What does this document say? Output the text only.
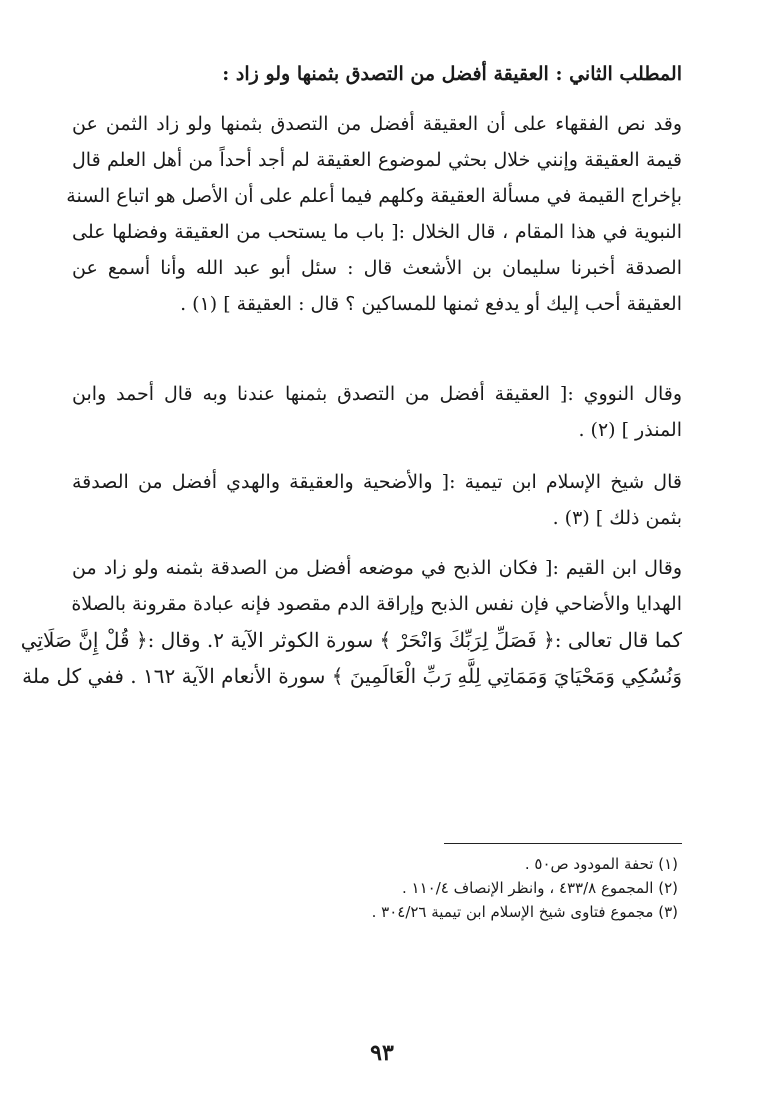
المطلب الثاني : العقيقة أفضل من التصدق بثمنها ولو زاد :
وقد نص الفقهاء على أن العقيقة أفضل من التصدق بثمنها ولو زاد الثمن عن
قيمة العقيقة وإنني خلال بحثي لموضوع العقيقة لم أجد أحداً من أهل العلم قال
بإخراج القيمة في مسألة العقيقة وكلهم فيما أعلم على أن الأصل هو اتباع السنة
النبوية في هذا المقام ، قال الخلال :[ باب ما يستحب من العقيقة وفضلها على
الصدقة أخبرنا سليمان بن الأشعث قال : سئل أبو عبد الله وأنا أسمع عن
العقيقة أحب إليك أو يدفع ثمنها للمساكين ؟ قال : العقيقة ] (١) .
وقال النووي :[ العقيقة أفضل من التصدق بثمنها عندنا وبه قال أحمد وابن
المنذر ] (٢) .
قال شيخ الإسلام ابن تيمية :[ والأضحية والعقيقة والهدي أفضل من الصدقة
بثمن ذلك ] (٣) .
وقال ابن القيم :[ فكان الذبح في موضعه أفضل من الصدقة بثمنه ولو زاد من
الهدايا والأضاحي فإن نفس الذبح وإراقة الدم مقصود فإنه عبادة مقرونة بالصلاة
كما قال تعالى :﴿ فَصَلِّ لِرَبِّكَ وَانْحَرْ ﴾ سورة الكوثر الآية ٢. وقال :﴿ قُلْ إِنَّ صَلَاتِي
وَنُسُكِي وَمَحْيَايَ وَمَمَاتِي لِلَّهِ رَبِّ الْعَالَمِينَ ﴾ سورة الأنعام الآية ١٦٢ . ففي كل ملة
(١) تحفة المودود ص٥٠ .
(٢) المجموع ٤٣٣/٨ ، وانظر الإنصاف ١١٠/٤ .
(٣) مجموع فتاوى شيخ الإسلام ابن تيمية ٣٠٤/٢٦ .
٩٣
